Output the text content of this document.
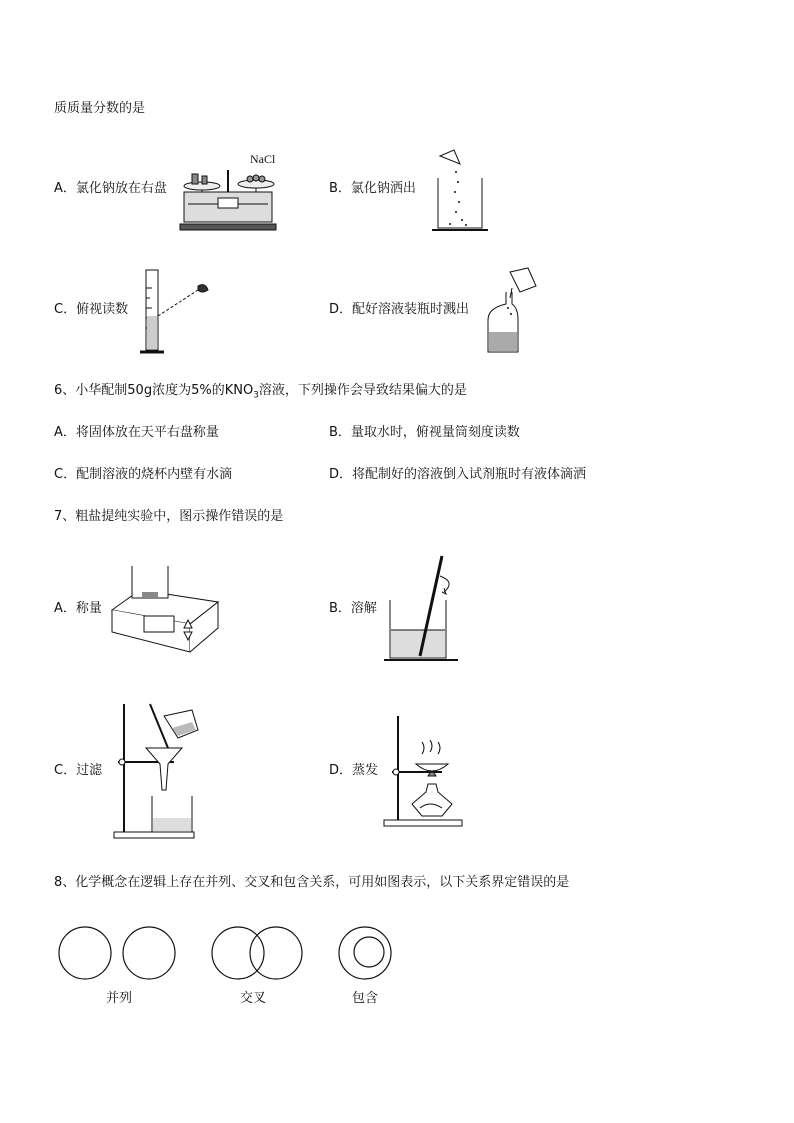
质质量分数的是
A．氯化钠放在右盘
NaCl
B．氯化钠洒出
C．俯视读数	D．配好溶液装瓶时溅出
6、小华配制50g浓度为5%的$KNO_3$溶液，下列操作会导致结果偏大的是
A．将固体放在天平右盘称量	B．量取水时，俯视量筒刻度读数
C．配制溶液的烧杯内壁有水滴	D．将配制好的溶液倒入试剂瓶时有液体滴洒
7、粗盐提纯实验中，图示操作错误的是
A．称量	B．溶解
C．过滤	D．蒸发
8、化学概念在逻辑上存在并列、交叉和包含关系，可用如图表示，以下关系界定错误的是
并列	交叉	包含
